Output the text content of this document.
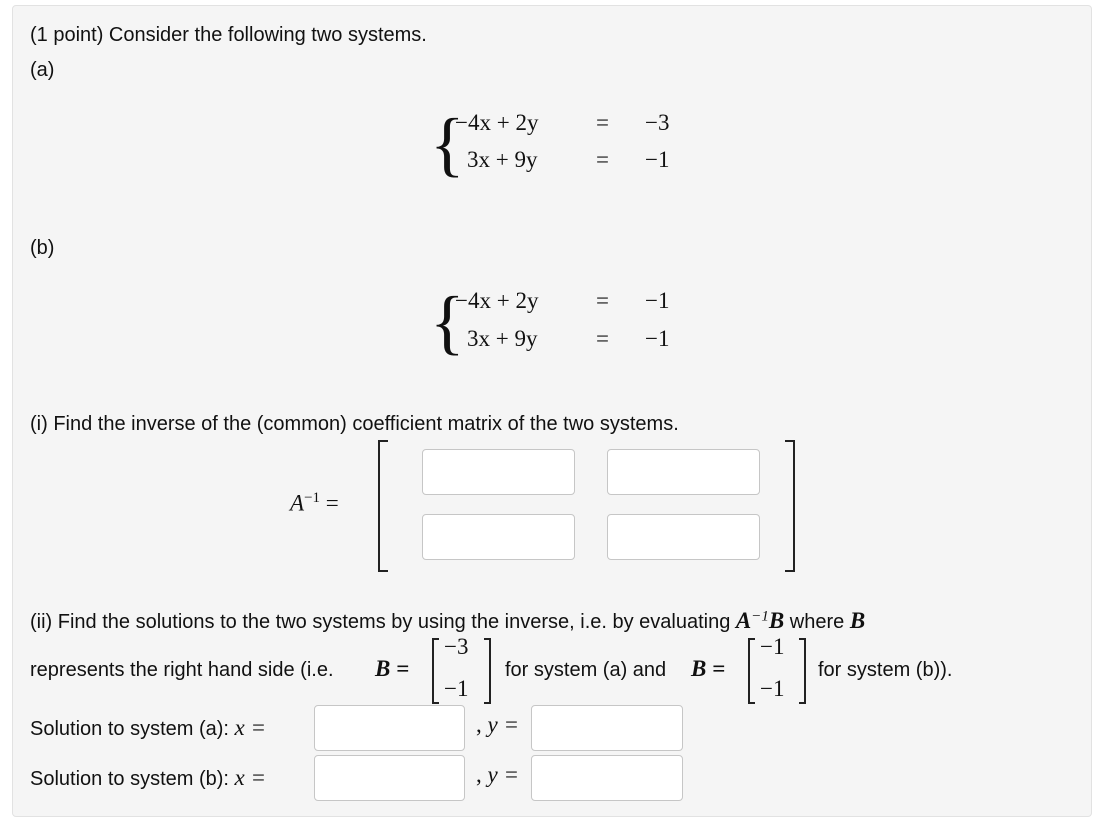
(1 point) Consider the following two systems.
(a)
{
−4x + 2y	= −3
3x + 9y	= −1
(b)
{
−4x + 2y	= −1
3x + 9y	= −1
(i) Find the inverse of the (common) coefficient matrix of the two systems.
$A^{-1}$ =
(ii) Find the solutions to the two systems by using the inverse, i.e. by evaluating $A^{-1}B$ where B
represents the right hand side (i.e. B =
−3
−1
for system (a) and B =
−1
−1
for system (b)).
Solution to system (a): x =	, y =
Solution to system (b): x =	, y =
